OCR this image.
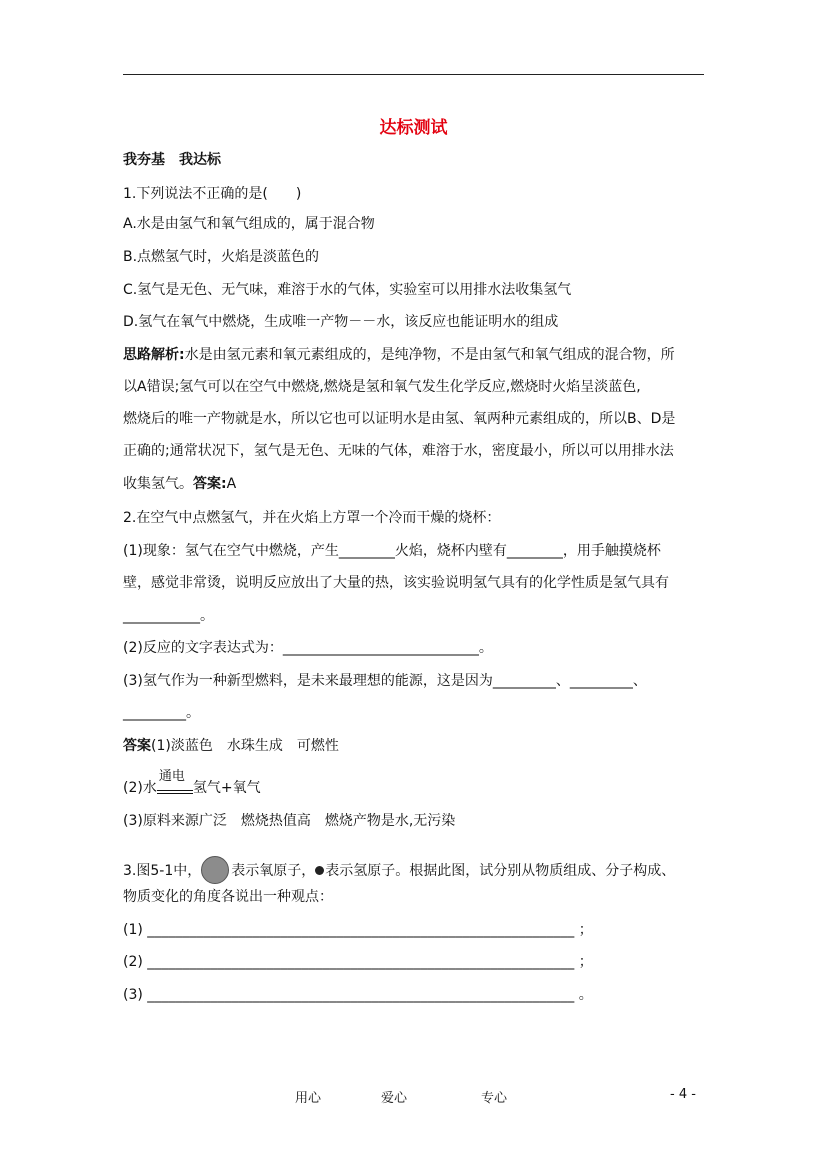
达标测试
我夯基　我达标
1.下列说法不正确的是(　　)
A.水是由氢气和氧气组成的，属于混合物
B.点燃氢气时，火焰是淡蓝色的
C.氢气是无色、无气味，难溶于水的气体，实验室可以用排水法收集氢气
D.氢气在氧气中燃烧，生成唯一产物－－水，该反应也能证明水的组成
思路解析:水是由氢元素和氧元素组成的，是纯净物，不是由氢气和氧气组成的混合物，所
以A错误;氢气可以在空气中燃烧,燃烧是氢和氧气发生化学反应,燃烧时火焰呈淡蓝色,
燃烧后的唯一产物就是水，所以它也可以证明水是由氢、氧两种元素组成的，所以B、D是
正确的;通常状况下，氢气是无色、无味的气体，难溶于水，密度最小，所以可以用排水法
收集氢气。答案:A
2.在空气中点燃氢气，并在火焰上方罩一个冷而干燥的烧杯：
(1)现象：氢气在空气中燃烧，产生________火焰，烧杯内壁有________，用手触摸烧杯
壁，感觉非常烫，说明反应放出了大量的热，该实验说明氢气具有的化学性质是氢气具有
___________。
(2)反应的文字表达式为：____________________________。
(3)氢气作为一种新型燃料，是未来最理想的能源，这是因为_________、_________、
_________。
答案(1)淡蓝色　水珠生成　可燃性
(2)水
通电
氢气+氧气
(3)原料来源广泛　燃烧热值高　燃烧产物是水,无污染
3.图5-1中， 表示氧原子， 表示氢原子。根据此图，试分别从物质组成、分子构成、
物质变化的角度各说出一种观点：
(1) _____________________________________________________________ ；
(2) _____________________________________________________________ ；
(3) _____________________________________________________________ 。
用心	爱心	专心	- 4 -
